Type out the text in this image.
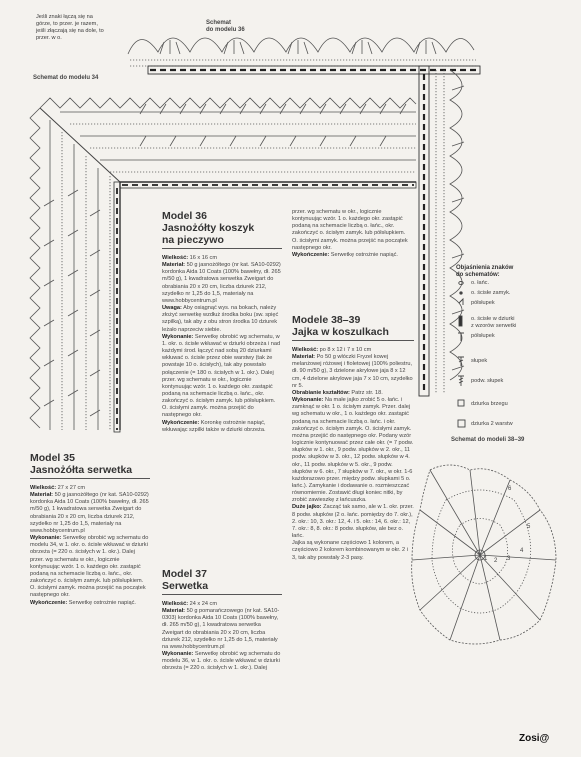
6
5
4
3
2
1
Jeśli znaki łączą się na
górze, to przer. je razem,
jeśli złączają się na dole, to
przer. w o.
Schemat
do modelu 36
Schemat do modelu 34
Schemat do modeli 38–39
Objaśnienia znaków
do schematów:
o. łańc.
o. ścisłe zamyk.
półsłupek
o. ścisłe w dziurki
z wzorów serwetki
półsłupek
słupek
podw. słupek
dziurka brzegu
dziurka 2 warstw
Model 36
Jasnożółty koszyk
na pieczywo

Wielkość: 16 x 16 cm

Materiał: 50 g jasnożółtego (nr kat. SA10-0292) kordonka Aida 10 Coats (100% bawełny, dł. 265 m/50 g), 1 kwadratowa serwetka Zweigart do obrabiania 20 x 20 cm, liczba dziurek 212, szydełko nr 1,25 do 1,5, materiały na www.hobbycentrum.pl

Uwaga: Aby osiągnąć wys. na bokach, należy złożyć serwetkę wzdłuż środka boku (sw. spięć szpilką), tak aby z obu stron środka 10 dziurek leżało naprzeciw siebie.

Wykonanie: Serwetkę obrobić wg schematu, w 1. okr. o. ścisłe wkłuwać w dziurki obrzeża i nad każdymi środ. łączyć nad sobą 20 dziurkami wkłuwać o. ścisłe przez obie warstwy (tak że powstaje 10 o. ścisłych), tak aby powstało połączenie (= 180 o. ścisłych w 1. okr.). Dalej przer. wg schematu w okr., logicznie kontynuując wzór. 1 o. każdego okr. zastąpić podaną na schemacie liczbą o. łańc., okr. zakończyć o. ścisłym zamyk. lub półsłupkiem. O. ścisłymi zamyk. można przejść do następnego okr.

Wykończenie: Koronkę ostrożnie napiąć, wkłuwając szpilki także w dziurki obrzeża.

przer. wg schematu w okr., logicznie kontynuując wzór. 1 o. każdego okr. zastąpić podaną na schemacie liczbą o. łańc., okr. zakończyć o. ścisłym zamyk. lub półsłupkiem. O. ścisłymi zamyk. można przejść na początek następnego okr.

Wykończenie: Serwetkę ostrożnie napiąć.

Model 35
Jasnożółta serwetka

Wielkość: 27 x 27 cm

Materiał: 50 g jasnożółtego (nr kat. SA10-0292) kordonka Aida 10 Coats (100% bawełny, dł. 265 m/50 g), 1 kwadratowa serwetka Zweigart do obrabiania 20 x 20 cm, liczba dziurek 212, szydełko nr 1,25 do 1,5, materiały na www.hobbycentrum.pl

Wykonanie: Serwetkę obrobić wg schematu do modelu 34, w 1. okr. o. ścisłe wkłuwać w dziurki obrzeża (= 220 o. ścisłych w 1. okr.). Dalej przer. wg schematu w okr., logicznie kontynuując wzór. 1 o. każdego okr. zastąpić podaną na schemacie liczbą o. łańc., okr. zakończyć o. ścisłym zamyk. lub półsłupkiem. O. ścisłymi zamyk. można przejść na początek następnego okr.

Wykończenie: Serwetkę ostrożnie napiąć.

Model 37
Serwetka

Wielkość: 24 x 24 cm

Materiał: 50 g pomarańczowego (nr kat. SA10-0303) kordonka Aida 10 Coats (100% bawełny, dł. 265 m/50 g), 1 kwadratowa serwetka Zweigart do obrabiania 20 x 20 cm, liczba dziurek 212, szydełko nr 1,25 do 1,5, materiały na www.hobbycentrum.pl

Wykonanie: Serwetkę obrobić wg schematu do modelu 36, w 1. okr. o. ścisłe wkłuwać w dziurki obrzeża (= 220 o. ścisłych w 1. okr.). Dalej

Modele 38–39
Jajka w koszulkach

Wielkość: po 8 x 12 i 7 x 10 cm

Materiał: Po 50 g włóczki Fryzel kowej melanżowej różowej i fioletowej (100% poliestru, dł. 90 m/50 g), 3 dzielone akrylowe jaja 8 x 12 cm, 4 dzielone akrylowe jaja 7 x 10 cm, szydełko nr 5.

Obrabianie kształtów: Patrz str. 18.

Wykonanie: Na małe jajko zrobić 5 o. łańc. i zamknąć w okr. 1 o. ścisłym zamyk. Przer. dalej wg schematu w okr., 1 o. każdego okr. zastąpić podaną na schemacie liczbą o. łańc. i okr. zakończyć o. ścisłym zamyk. O. ścisłymi zamyk. można przejść do następnego okr. Podany wzór logicznie kontynuować przez całe okr. (= 7 podw. słupków w 1. okr., 9 podw. słupków w 2. okr., 11 podw. słupków w 3. okr., 12 podw. słupków w 4. okr., 11 podw. słupków w 5. okr., 9 podw. słupków w 6. okr., 7 słupków w 7. okr., w okr. 1-6 każdorazowo przer. między podw. słupkami 5 o. łańc.). Zamykanie i dodawanie o. rozmieszczać równomiernie. Zostawić długi koniec nitki, by zrobić zawieszkę z łańcuszka.

Duże jajko: Zacząć tak samo, ale w 1. okr. przer. 8 podw. słupków (2 o. łańc. pomiędzy do 7. okr.), 2. okr.: 10, 3. okr.: 12, 4. i 5. okr.: 14, 6. okr.: 12, 7. okr.: 8, 8. okr.: 8 podw. słupków, ale bez o. łańc.

Jajka są wykonane częściowo 1 kolorem, a częściowo 2 kolorem kombinowanym w okr. 2 i 3, tak aby powstały 2-3 pasy.

Zosi@
